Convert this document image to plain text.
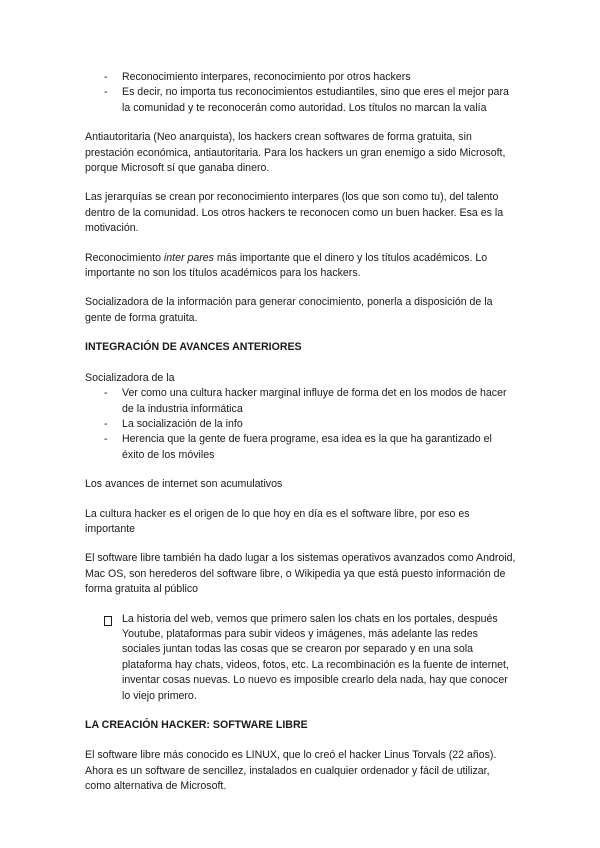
- Reconocimiento interpares, reconocimiento por otros hackers
- Es decir, no importa tus reconocimientos estudiantiles, sino que eres el mejor para la comunidad y te reconocerán como autoridad. Los títulos no marcan la valía

Antiautoritaria (Neo anarquista), los hackers crean softwares de forma gratuita, sin prestación económica, antiautoritaria. Para los hackers un gran enemigo a sido Microsoft, porque Microsoft sí que ganaba dinero.

Las jerarquías se crean por reconocimiento interpares (los que son como tu), del talento dentro de la comunidad. Los otros hackers te reconocen como un buen hacker. Esa es la motivación.

Reconocimiento inter pares más importante que el dinero y los títulos académicos. Lo importante no son los títulos académicos para los hackers.

Socializadora de la información para generar conocimiento, ponerla a disposición de la gente de forma gratuita.

INTEGRACIÓN DE AVANCES ANTERIORES

Socializadora de la

- Ver como una cultura hacker marginal influye de forma det en los modos de hacer de la industria informática
- La socialización de la info
- Herencia que la gente de fuera programe, esa idea es la que ha garantizado el éxito de los móviles

Los avances de internet son acumulativos

La cultura hacker es el origen de lo que hoy en día es el software libre, por eso es importante

El software libre también ha dado lugar a los sistemas operativos avanzados como Android, Mac OS, son herederos del software libre, o Wikipedia ya que está puesto información de forma gratuita al público

La historia del web, vemos que primero salen los chats en los portales, después Youtube, plataformas para subir videos y imágenes, más adelante las redes sociales juntan todas las cosas que se crearon por separado y en una sola plataforma hay chats, videos, fotos, etc. La recombinación es la fuente de internet, inventar cosas nuevas. Lo nuevo es imposible crearlo dela nada, hay que conocer lo viejo primero.
LA CREACIÓN HACKER: SOFTWARE LIBRE

El software libre más conocido es LINUX, que lo creó el hacker Linus Torvals (22 años). Ahora es un software de sencillez, instalados en cualquier ordenador y fácil de utilizar, como alternativa de Microsoft.
